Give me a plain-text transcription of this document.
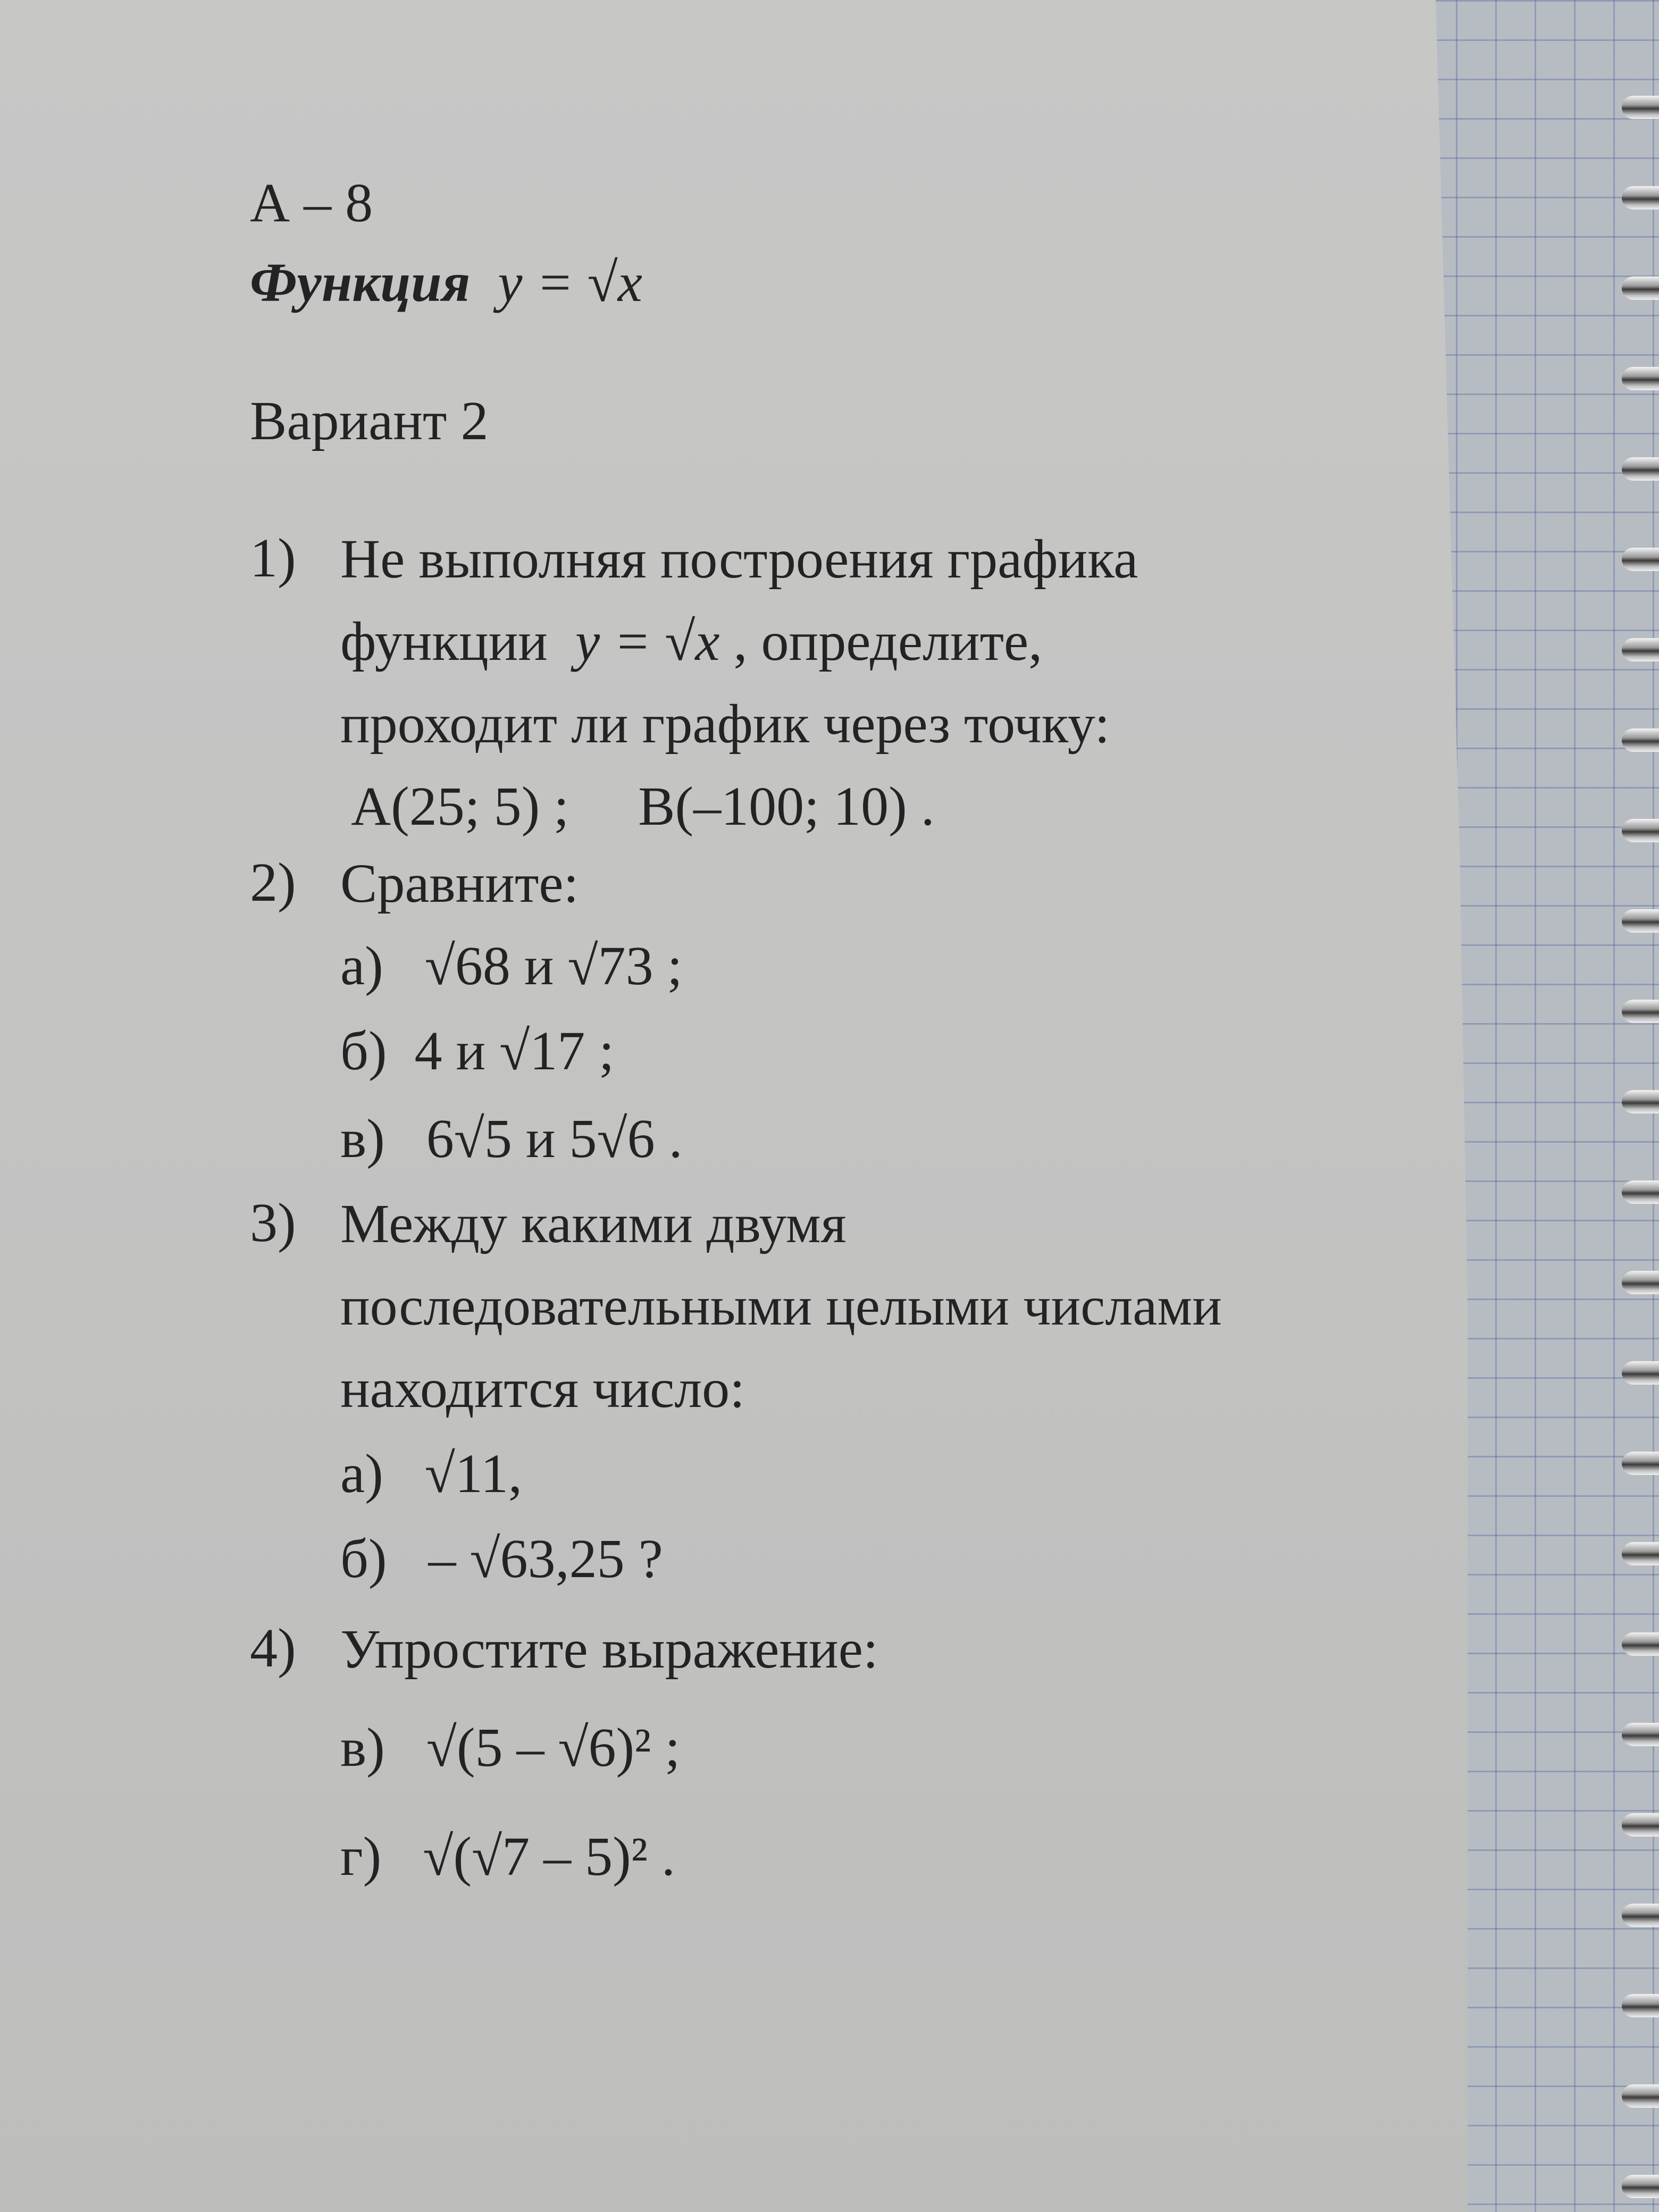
А – 8
Функция y = √x
Вариант 2
1) Не выполняя построения графика
функции y = √x , определите,
проходит ли график через точку:
A(25; 5) ; B(–100; 10) .
2) Сравните:
а) √68 и √73 ;
б) 4 и √17 ;
в) 6√5 и 5√6 .
3) Между какими двумя
последовательными целыми числами
находится число:
а) √11,
б) – √63,25 ?
4) Упростите выражение:
в) √(5 – √6)² ;
г) √(√7 – 5)² .
